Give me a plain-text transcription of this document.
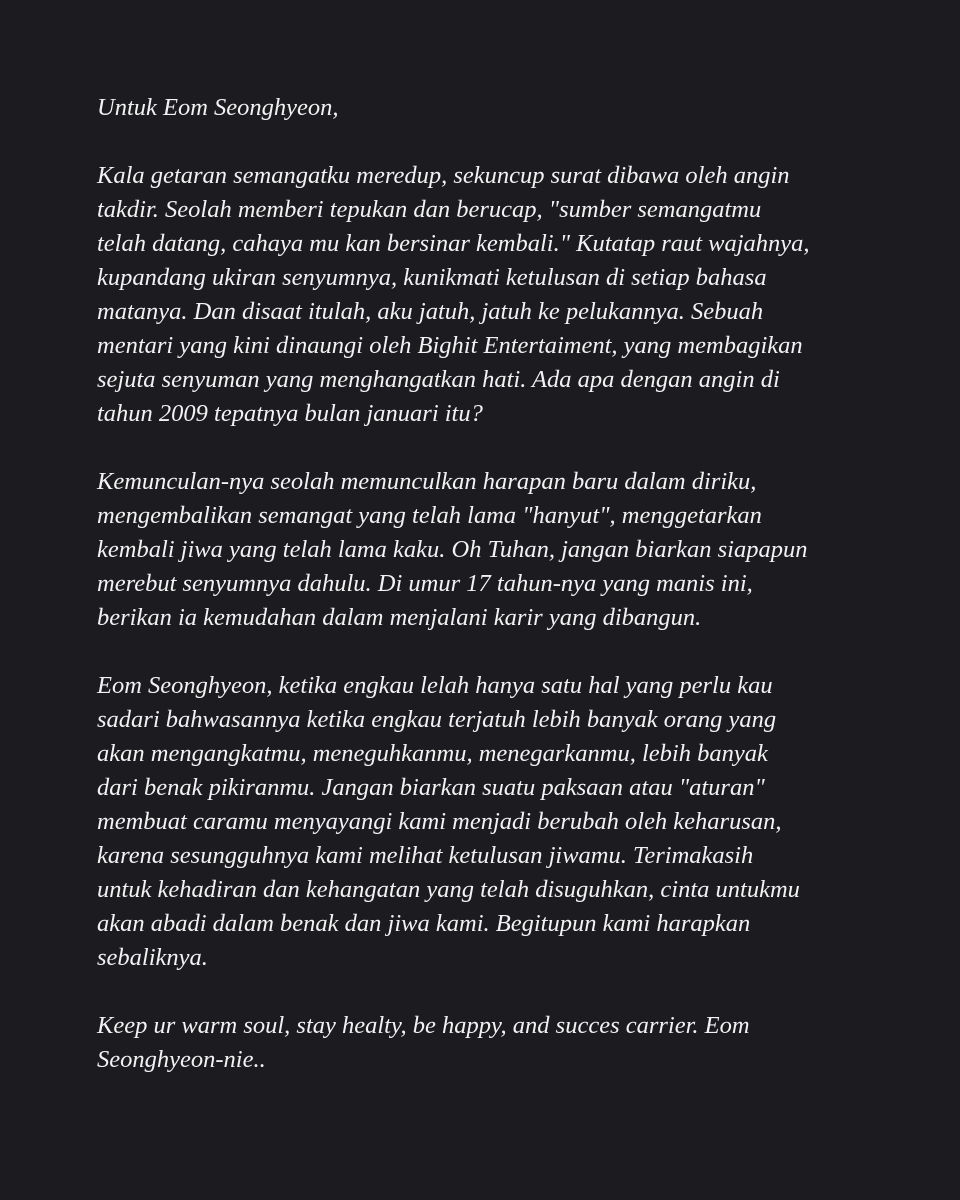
Untuk Eom Seonghyeon,
Kala getaran semangatku meredup, sekuncup surat dibawa oleh angin
takdir. Seolah memberi tepukan dan berucap, "sumber semangatmu
telah datang, cahaya mu kan bersinar kembali." Kutatap raut wajahnya,
kupandang ukiran senyumnya, kunikmati ketulusan di setiap bahasa
matanya. Dan disaat itulah, aku jatuh, jatuh ke pelukannya. Sebuah
mentari yang kini dinaungi oleh Bighit Entertaiment, yang membagikan
sejuta senyuman yang menghangatkan hati. Ada apa dengan angin di
tahun 2009 tepatnya bulan januari itu?
Kemunculan-nya seolah memunculkan harapan baru dalam diriku,
mengembalikan semangat yang telah lama "hanyut", menggetarkan
kembali jiwa yang telah lama kaku. Oh Tuhan, jangan biarkan siapapun
merebut senyumnya dahulu. Di umur 17 tahun-nya yang manis ini,
berikan ia kemudahan dalam menjalani karir yang dibangun.
Eom Seonghyeon, ketika engkau lelah hanya satu hal yang perlu kau
sadari bahwasannya ketika engkau terjatuh lebih banyak orang yang
akan mengangkatmu, meneguhkanmu, menegarkanmu, lebih banyak
dari benak pikiranmu. Jangan biarkan suatu paksaan atau "aturan"
membuat caramu menyayangi kami menjadi berubah oleh keharusan,
karena sesungguhnya kami melihat ketulusan jiwamu. Terimakasih
untuk kehadiran dan kehangatan yang telah disuguhkan, cinta untukmu
akan abadi dalam benak dan jiwa kami. Begitupun kami harapkan
sebaliknya.
Keep ur warm soul, stay healty, be happy, and succes carrier. Eom
Seonghyeon-nie..
